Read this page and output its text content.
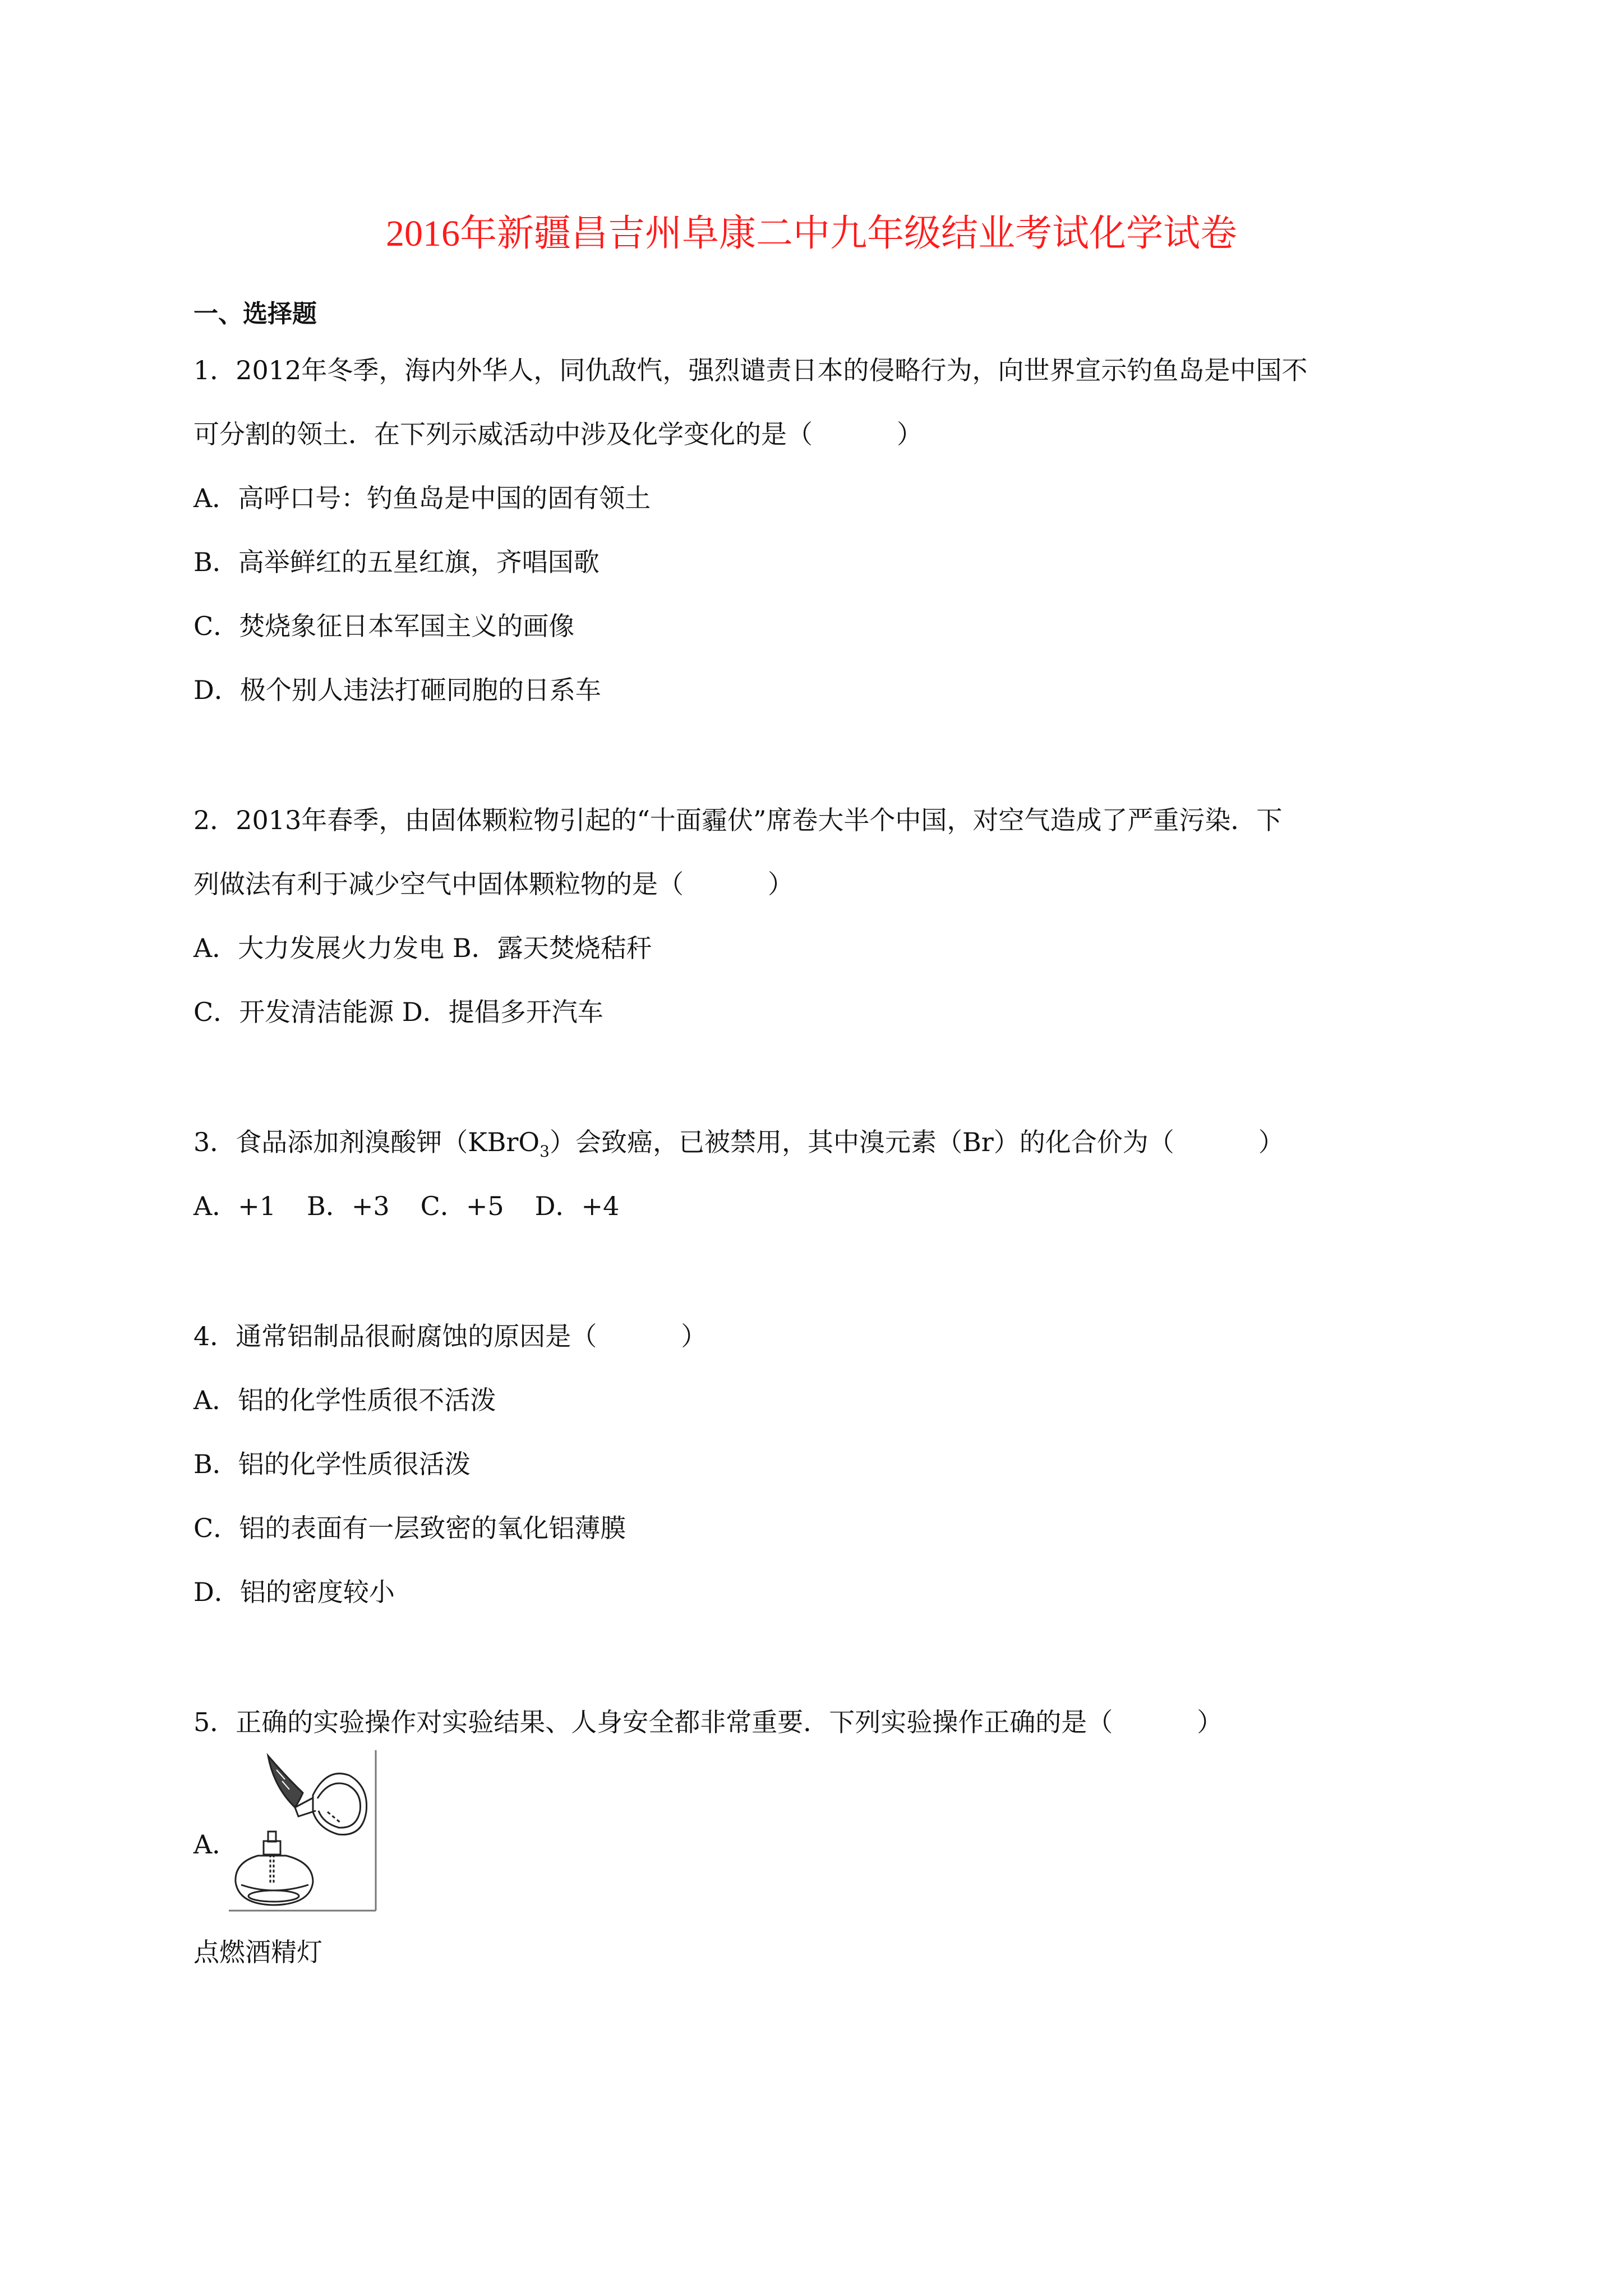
2016年新疆昌吉州阜康二中九年级结业考试化学试卷
一、选择题
1．2012年冬季，海内外华人，同仇敌忾，强烈谴责日本的侵略行为，向世界宣示钓鱼岛是中国不
可分割的领土．在下列示威活动中涉及化学变化的是（	）
A．高呼口号：钓鱼岛是中国的固有领土
B．高举鲜红的五星红旗，齐唱国歌
C．焚烧象征日本军国主义的画像
D．极个别人违法打砸同胞的日系车
2．2013年春季，由固体颗粒物引起的“十面霾伏”席卷大半个中国，对空气造成了严重污染．下
列做法有利于减少空气中固体颗粒物的是（	）
A．大力发展火力发电 B．露天焚烧秸秆
C．开发清洁能源 D．提倡多开汽车
3．食品添加剂溴酸钾（KBrO$_3$）会致癌，已被禁用，其中溴元素（Br）的化合价为（	）
A．+1 B．+3 C．+5 D．+4
4．通常铝制品很耐腐蚀的原因是（	）
A．铝的化学性质很不活泼
B．铝的化学性质很活泼
C．铝的表面有一层致密的氧化铝薄膜
D．铝的密度较小
5．正确的实验操作对实验结果、人身安全都非常重要．下列实验操作正确的是（	）
A．
点燃酒精灯
